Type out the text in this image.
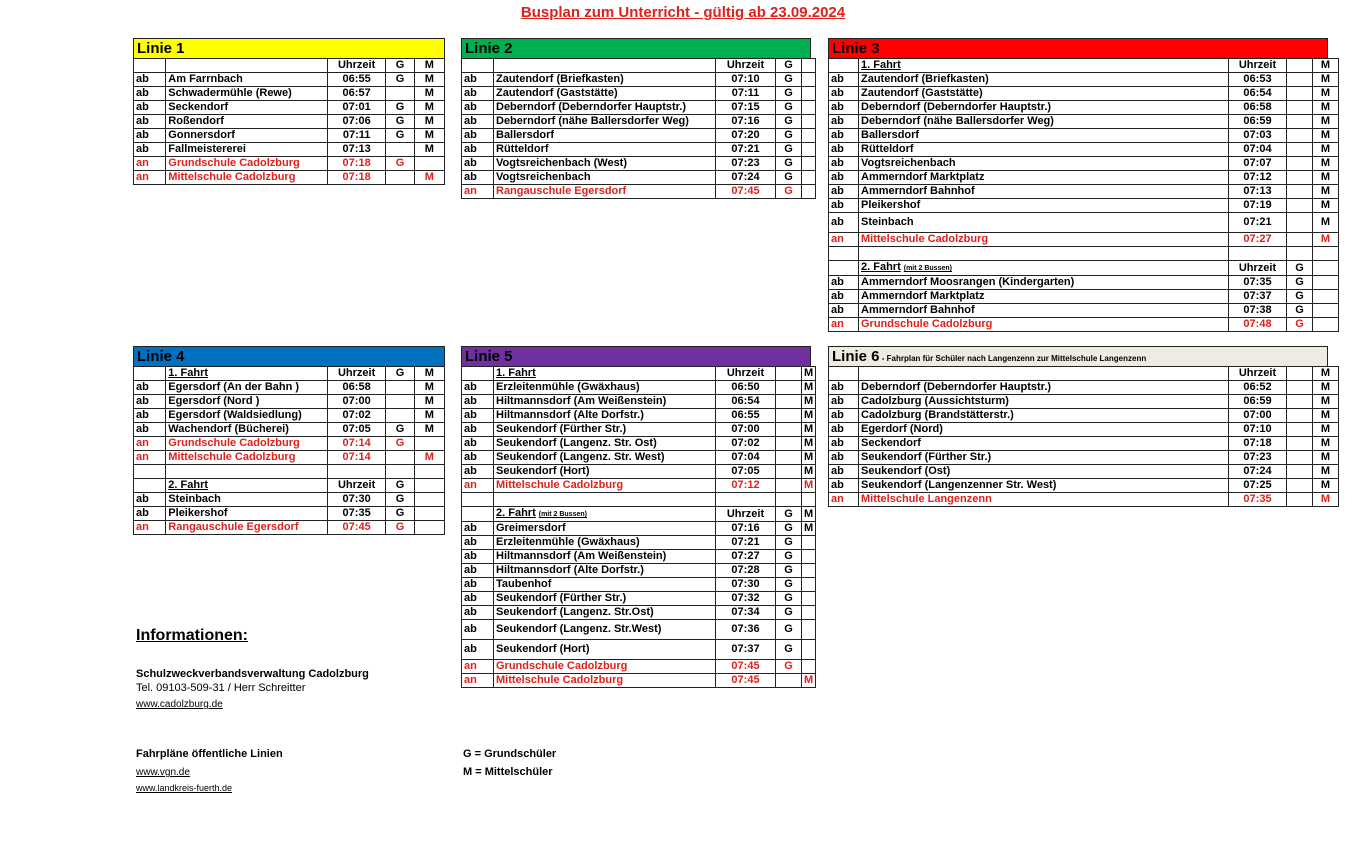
Busplan zum Unterricht - gültig ab 23.09.2024
Linie 1
		Uhrzeit	G	M
ab	Am Farrnbach	06:55	G	M
ab	Schwadermühle (Rewe)	06:57		M
ab	Seckendorf	07:01	G	M
ab	Roßendorf	07:06	G	M
ab	Gonnersdorf	07:11	G	M
ab	Fallmeistererei	07:13		M
an	Grundschule Cadolzburg	07:18	G	
an	Mittelschule Cadolzburg	07:18		M
Linie 2
		Uhrzeit	G	
ab	Zautendorf (Briefkasten)	07:10	G	
ab	Zautendorf (Gaststätte)	07:11	G	
ab	Deberndorf (Deberndorfer Hauptstr.)	07:15	G	
ab	Deberndorf (nähe Ballersdorfer Weg)	07:16	G	
ab	Ballersdorf	07:20	G	
ab	Rütteldorf	07:21	G	
ab	Vogtsreichenbach (West)	07:23	G	
ab	Vogtsreichenbach	07:24	G	
an	Rangauschule Egersdorf	07:45	G	
Linie 3
	1. Fahrt	Uhrzeit		M
ab	Zautendorf (Briefkasten)	06:53		M
ab	Zautendorf (Gaststätte)	06:54		M
ab	Deberndorf (Deberndorfer Hauptstr.)	06:58		M
ab	Deberndorf (nähe Ballersdorfer Weg)	06:59		M
ab	Ballersdorf	07:03		M
ab	Rütteldorf	07:04		M
ab	Vogtsreichenbach	07:07		M
ab	Ammerndorf Marktplatz	07:12		M
ab	Ammerndorf Bahnhof	07:13		M
ab	Pleikershof	07:19		M
ab	Steinbach	07:21		M
an	Mittelschule Cadolzburg	07:27		M

	2. Fahrt (mit 2 Bussen)	Uhrzeit	G	
ab	Ammerndorf Moosrangen (Kindergarten)	07:35	G	
ab	Ammerndorf Marktplatz	07:37	G	
ab	Ammerndorf Bahnhof	07:38	G	
an	Grundschule Cadolzburg	07:48	G	
Linie 4
	1. Fahrt	Uhrzeit	G	M
ab	Egersdorf (An der Bahn )	06:58		M
ab	Egersdorf (Nord )	07:00		M
ab	Egersdorf (Waldsiedlung)	07:02		M
ab	Wachendorf (Bücherei)	07:05	G	M
an	Grundschule Cadolzburg	07:14	G	
an	Mittelschule Cadolzburg	07:14		M

	2. Fahrt	Uhrzeit	G	
ab	Steinbach	07:30	G	
ab	Pleikershof	07:35	G	
an	Rangauschule Egersdorf	07:45	G	
Linie 5
	1. Fahrt	Uhrzeit		M
ab	Erzleitenmühle (Gwäxhaus)	06:50		M
ab	Hiltmannsdorf (Am Weißenstein)	06:54		M
ab	Hiltmannsdorf (Alte Dorfstr.)	06:55		M
ab	Seukendorf (Fürther Str.)	07:00		M
ab	Seukendorf (Langenz. Str. Ost)	07:02		M
ab	Seukendorf (Langenz. Str. West)	07:04		M
ab	Seukendorf (Hort)	07:05		M
an	Mittelschule Cadolzburg	07:12		M

	2. Fahrt (mit 2 Bussen)	Uhrzeit	G	M
ab	Greimersdorf	07:16	G	M
ab	Erzleitenmühle (Gwäxhaus)	07:21	G	
ab	Hiltmannsdorf (Am Weißenstein)	07:27	G	
ab	Hiltmannsdorf (Alte Dorfstr.)	07:28	G	
ab	Taubenhof	07:30	G	
ab	Seukendorf (Fürther Str.)	07:32	G	
ab	Seukendorf (Langenz. Str.Ost)	07:34	G	
ab	Seukendorf (Langenz. Str.West)	07:36	G	
ab	Seukendorf (Hort)	07:37	G	
an	Grundschule Cadolzburg	07:45	G	
an	Mittelschule Cadolzburg	07:45		M
Linie 6 - Fahrplan für Schüler nach Langenzenn zur Mittelschule Langenzenn
		Uhrzeit		M
ab	Deberndorf (Deberndorfer Hauptstr.)	06:52		M
ab	Cadolzburg (Aussichtsturm)	06:59		M
ab	Cadolzburg (Brandstätterstr.)	07:00		M
ab	Egerdorf (Nord)	07:10		M
ab	Seckendorf	07:18		M
ab	Seukendorf (Fürther Str.)	07:23		M
ab	Seukendorf (Ost)	07:24		M
ab	Seukendorf (Langenzenner Str. West)	07:25		M
an	Mittelschule Langenzenn	07:35		M
Informationen:
Schulzweckverbandsverwaltung Cadolzburg
Tel. 09103-509-31 / Herr Schreitter
www.cadolzburg.de
Fahrpläne öffentliche Linien
www.vgn.de
www.landkreis-fuerth.de
G = Grundschüler
M = Mittelschüler
